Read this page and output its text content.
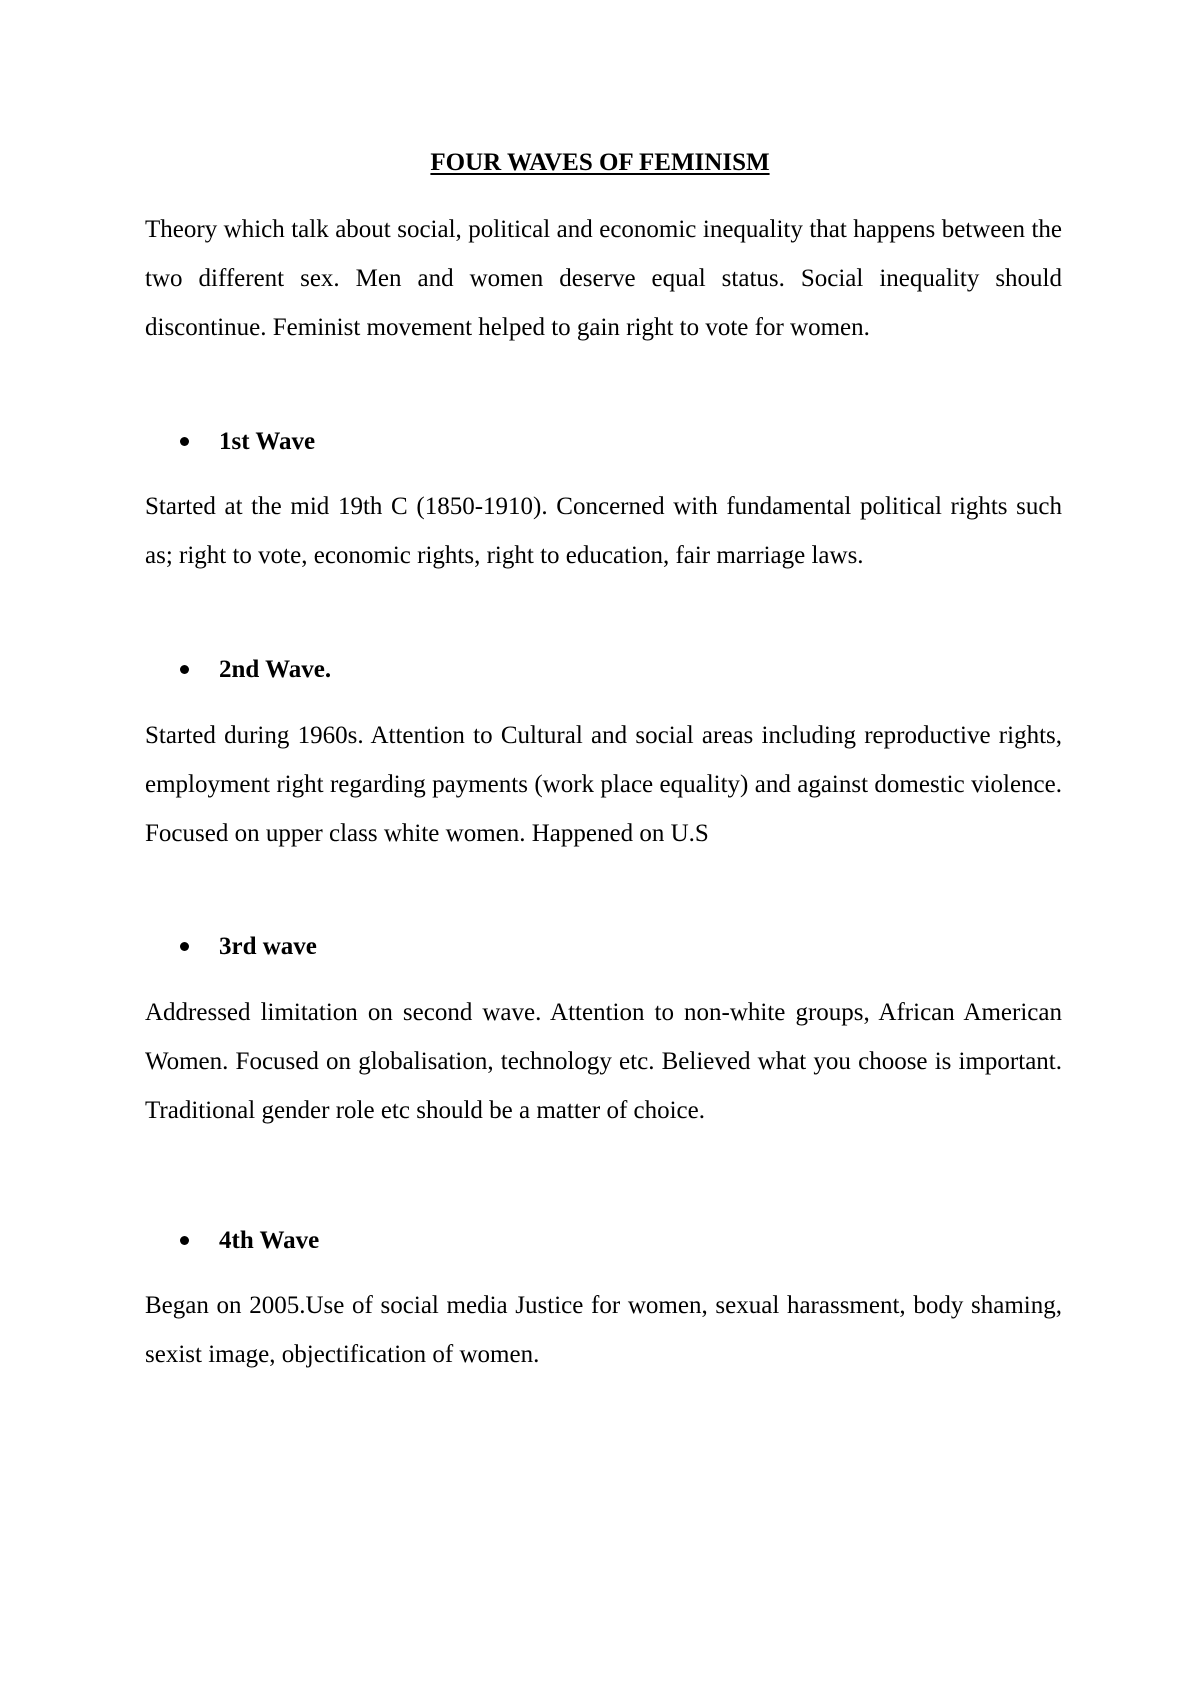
FOUR WAVES OF FEMINISM

Theory which talk about social, political and economic inequality that happens between the two different sex. Men and women deserve equal status. Social inequality should discontinue. Feminist movement helped to gain right to vote for women.

1st Wave

Started at the mid 19th C (1850-1910). Concerned with fundamental political rights such as; right to vote, economic rights, right to education, fair marriage laws.

2nd Wave.

Started during 1960s. Attention to Cultural and social areas including reproductive rights, employment right regarding payments (work place equality) and against domestic violence. Focused on upper class white women. Happened on U.S

3rd wave

Addressed limitation on second wave. Attention to non-white groups, African American Women. Focused on globalisation, technology etc. Believed what you choose is important. Traditional gender role etc should be a matter of choice.

4th Wave

Began on 2005.Use of social media Justice for women, sexual harassment, body shaming, sexist image, objectification of women.
